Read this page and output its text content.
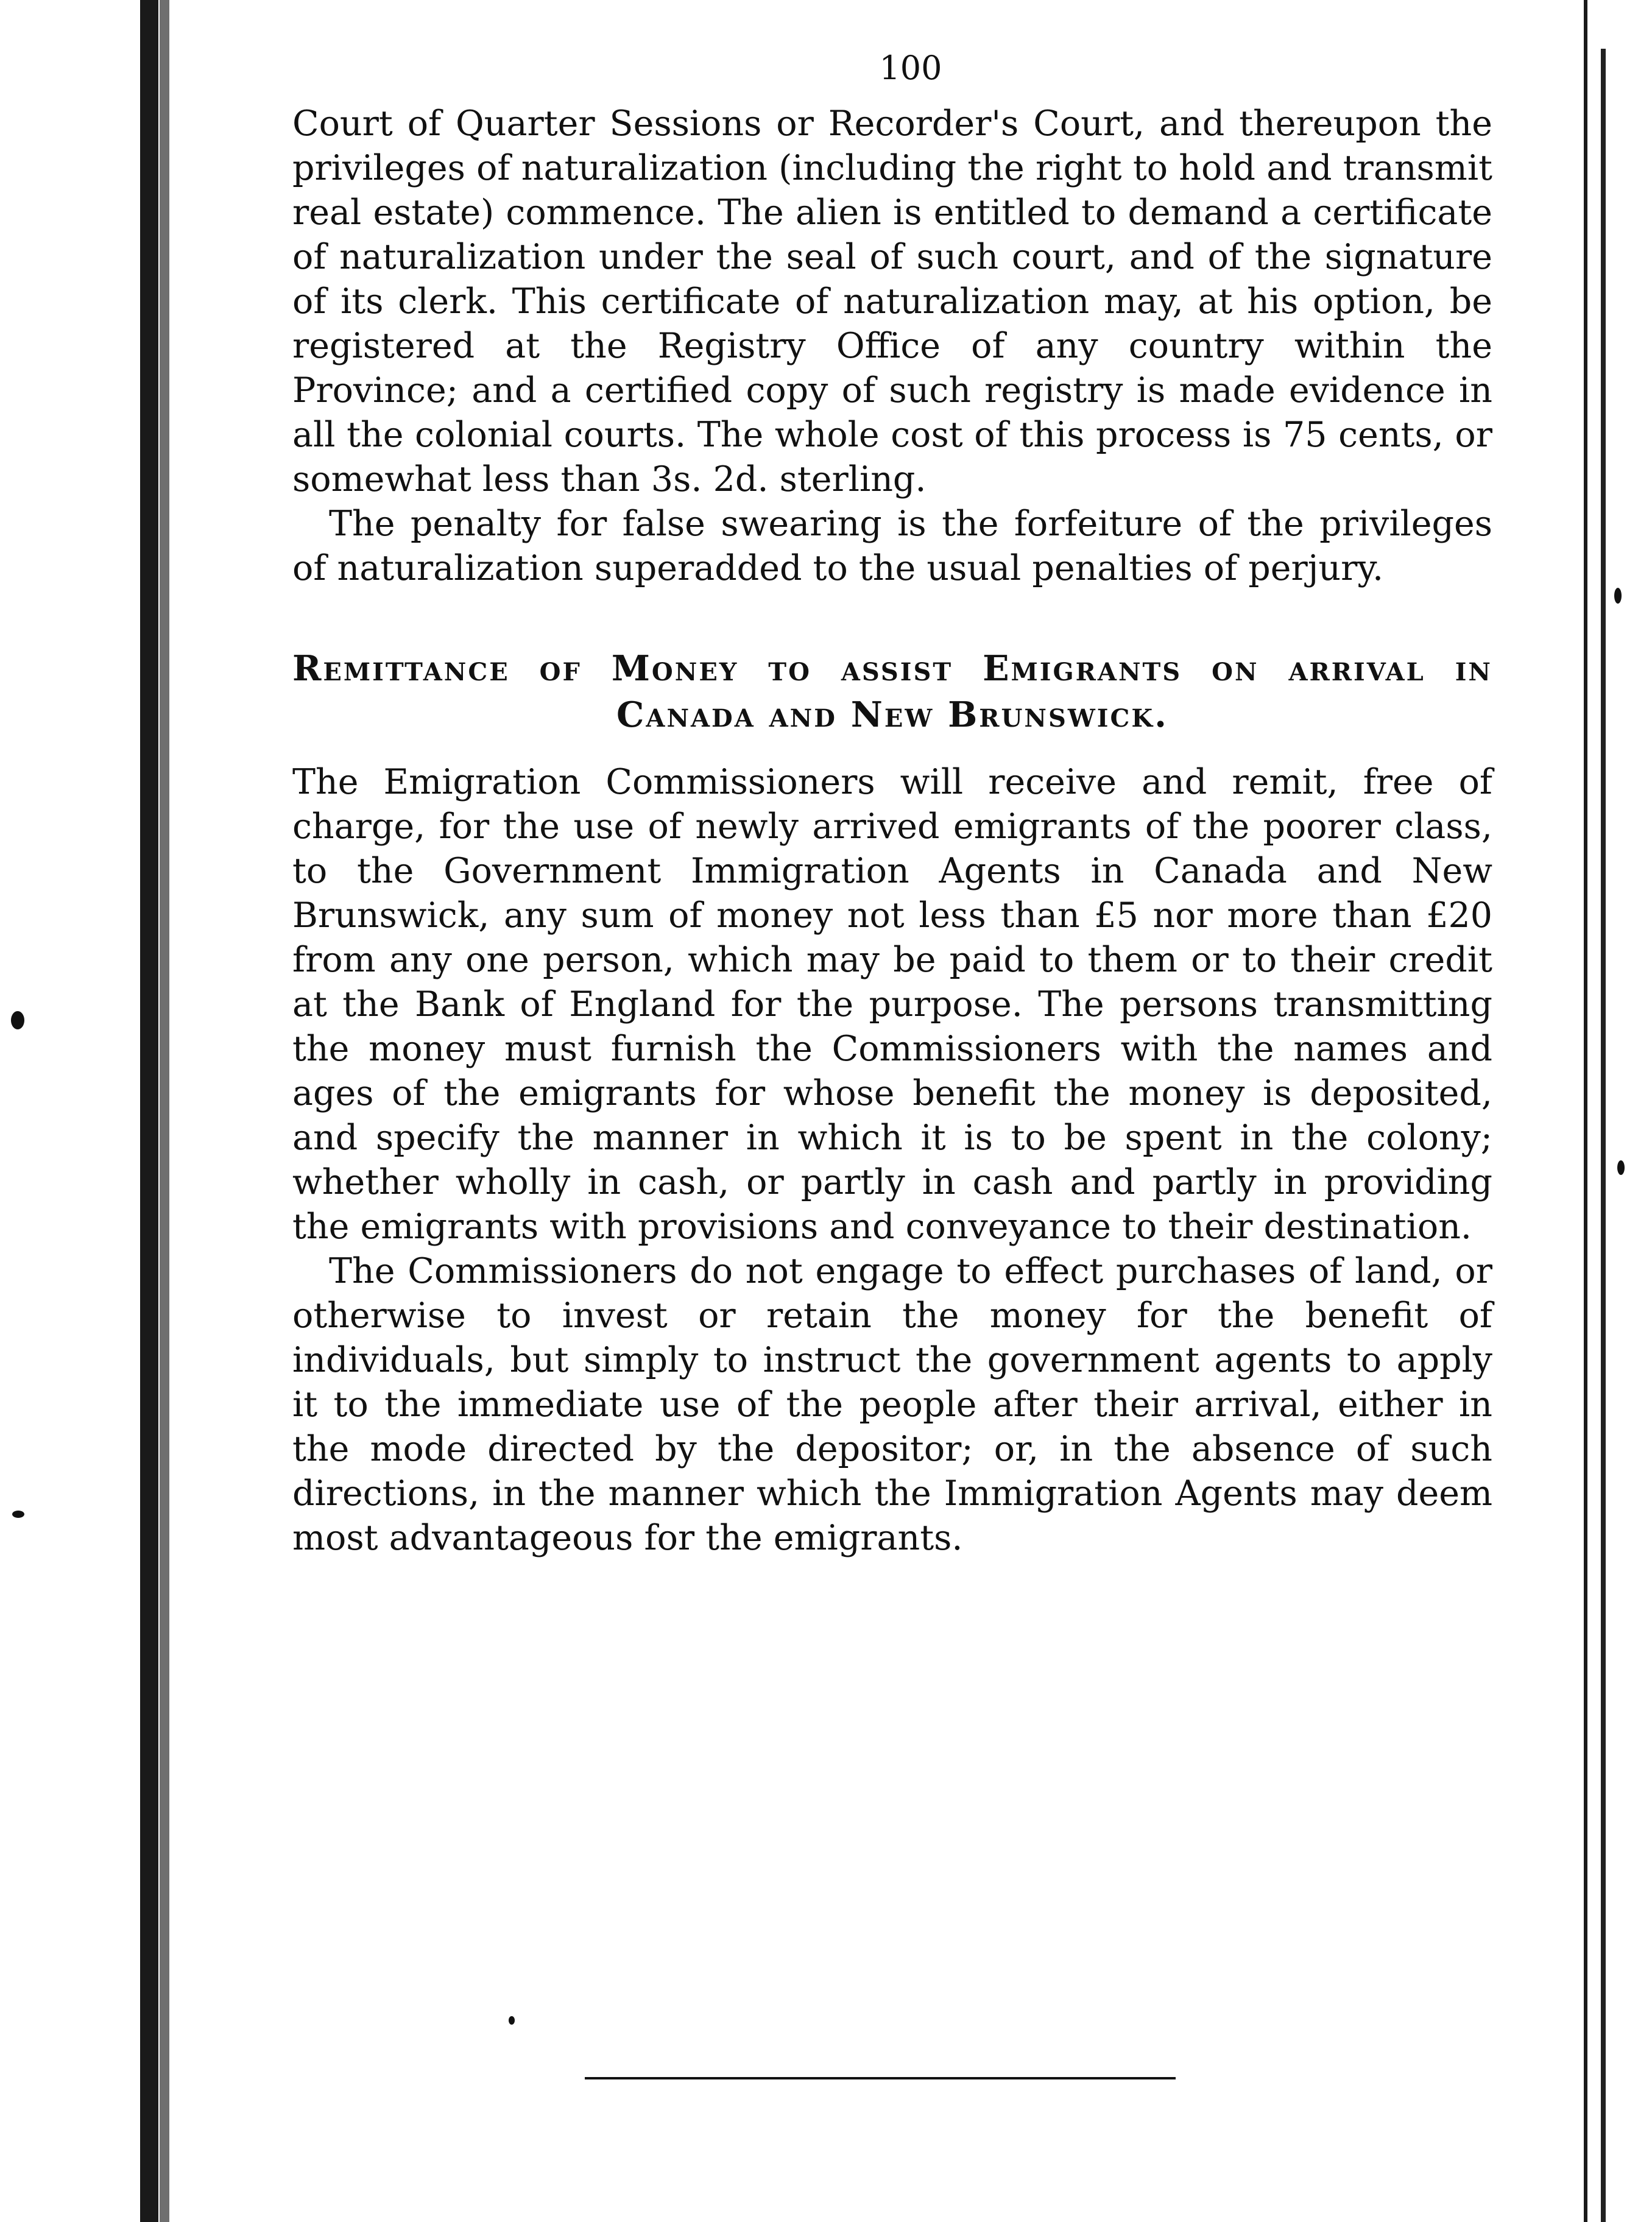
100

Court of Quarter Sessions or Recorder's Court, and thereupon the privileges of naturalization (including the right to hold and transmit real estate) commence. The alien is entitled to demand a certificate of naturalization under the seal of such court, and of the signature of its clerk. This certificate of naturalization may, at his option, be registered at the Registry Office of any country within the Province; and a certified copy of such registry is made evidence in all the colonial courts. The whole cost of this process is 75 cents, or somewhat less than 3s. 2d. sterling.

The penalty for false swearing is the forfeiture of the privileges of naturalization superadded to the usual penalties of perjury.

Remittance of Money to assist Emigrants on arrival in
Canada and New Brunswick.

The Emigration Commissioners will receive and remit, free of charge, for the use of newly arrived emigrants of the poorer class, to the Government Immigration Agents in Canada and New Brunswick, any sum of money not less than £5 nor more than £20 from any one person, which may be paid to them or to their credit at the Bank of England for the purpose. The persons transmitting the money must furnish the Commissioners with the names and ages of the emigrants for whose benefit the money is deposited, and specify the manner in which it is to be spent in the colony; whether wholly in cash, or partly in cash and partly in providing the emigrants with provisions and conveyance to their destination.

The Commissioners do not engage to effect purchases of land, or otherwise to invest or retain the money for the benefit of individuals, but simply to instruct the government agents to apply it to the immediate use of the people after their arrival, either in the mode directed by the depositor; or, in the absence of such directions, in the manner which the Immigration Agents may deem most advantageous for the emigrants.
